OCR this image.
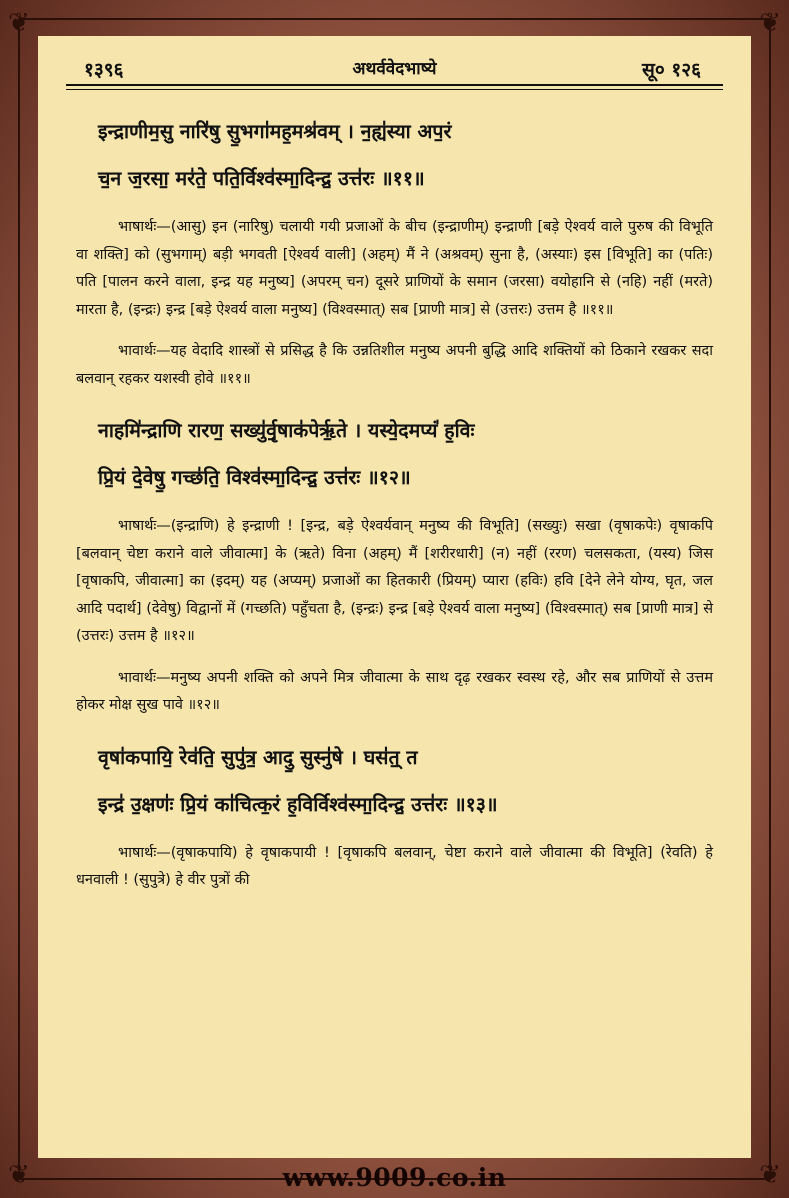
❦	❦
❦	❦
१३९६	अथर्ववेदभाष्ये	सू० १२६

इन्द्राणीम॒सु नारि॑षु सु॒भगा॑मह॒मश्र॑वम् । न॒ह्य॑स्या अप॒रं

च॒न ज॒रसा॒ मर॑ते॒ पति॒र्विश्व॑स्मा॒दिन्द्र॒ उत्त॑रः ॥११॥

भाषार्थः—(आसु) इन (नारिषु) चलायी गयी प्रजाओं के बीच (इन्द्राणीम्) इन्द्राणी [बड़े ऐश्वर्य वाले पुरुष की विभूति वा शक्ति] को (सुभगाम्) बड़ी भगवती [ऐश्वर्य वाली] (अहम्) मैं ने (अश्रवम्) सुना है, (अस्याः) इस [विभूति] का (पतिः) पति [पालन करने वाला, इन्द्र यह मनुष्य] (अपरम् चन) दूसरे प्राणियों के समान (जरसा) वयोहानि से (नहि) नहीं (मरते) मारता है, (इन्द्रः) इन्द्र [बड़े ऐश्वर्य वाला मनुष्य] (विश्वस्मात्) सब [प्राणी मात्र] से (उत्तरः) उत्तम है ॥११॥

भावार्थः—यह वेदादि शास्त्रों से प्रसिद्ध है कि उन्नतिशील मनुष्य अपनी बुद्धि आदि शक्तियों को ठिकाने रखकर सदा बलवान् रहकर यशस्वी होवे ॥११॥

नाहमि॑न्द्राणि रारण॒ सख्यु॑र्वृ॒षाक॑पेर्ऋ॒ते । यस्ये॒दमप्यं॑ ह॒विः

प्रि॒यं दे॒वेषु॒ गच्छ॑ति॒ विश्व॑स्मा॒दिन्द्र॒ उत्त॑रः ॥१२॥

भाषार्थः—(इन्द्राणि) हे इन्द्राणी ! [इन्द्र, बड़े ऐश्वर्यवान् मनुष्य की विभूति] (सख्युः) सखा (वृषाकपेः) वृषाकपि [बलवान् चेष्टा कराने वाले जीवात्मा] के (ऋते) विना (अहम्) मैं [शरीरधारी] (न) नहीं (ररण) चलसकता, (यस्य) जिस [वृषाकपि, जीवात्मा] का (इदम्) यह (अप्यम्) प्रजाओं का हितकारी (प्रियम्) प्यारा (हविः) हवि [देने लेने योग्य, घृत, जल आदि पदार्थ] (देवेषु) विद्वानों में (गच्छति) पहुँचता है, (इन्द्रः) इन्द्र [बड़े ऐश्वर्य वाला मनुष्य] (विश्वस्मात्) सब [प्राणी मात्र] से (उत्तरः) उत्तम है ॥१२॥

भावार्थः—मनुष्य अपनी शक्ति को अपने मित्र जीवात्मा के साथ दृढ़ रखकर स्वस्थ रहे, और सब प्राणियों से उत्तम होकर मोक्ष सुख पावे ॥१२॥

वृषा॑कपायि॒ रेव॑ति॒ सुपु॑त्र॒ आदु॒ सुस्नु॑षे । घस॑त्॒ त

इन्द्र॑ उ॒क्षणः॑ प्रि॒यं का॑चित्क॒रं ह॒विर्विश्व॑स्मा॒दिन्द्र॒ उत्त॑रः ॥१३॥

भाषार्थः—(वृषाकपायि) हे वृषाकपायी ! [वृषाकपि बलवान्, चेष्टा कराने वाले जीवात्मा की विभूति] (रेवति) हे धनवाली ! (सुपुत्रे) हे वीर पुत्रों की

www.9009.co.in
